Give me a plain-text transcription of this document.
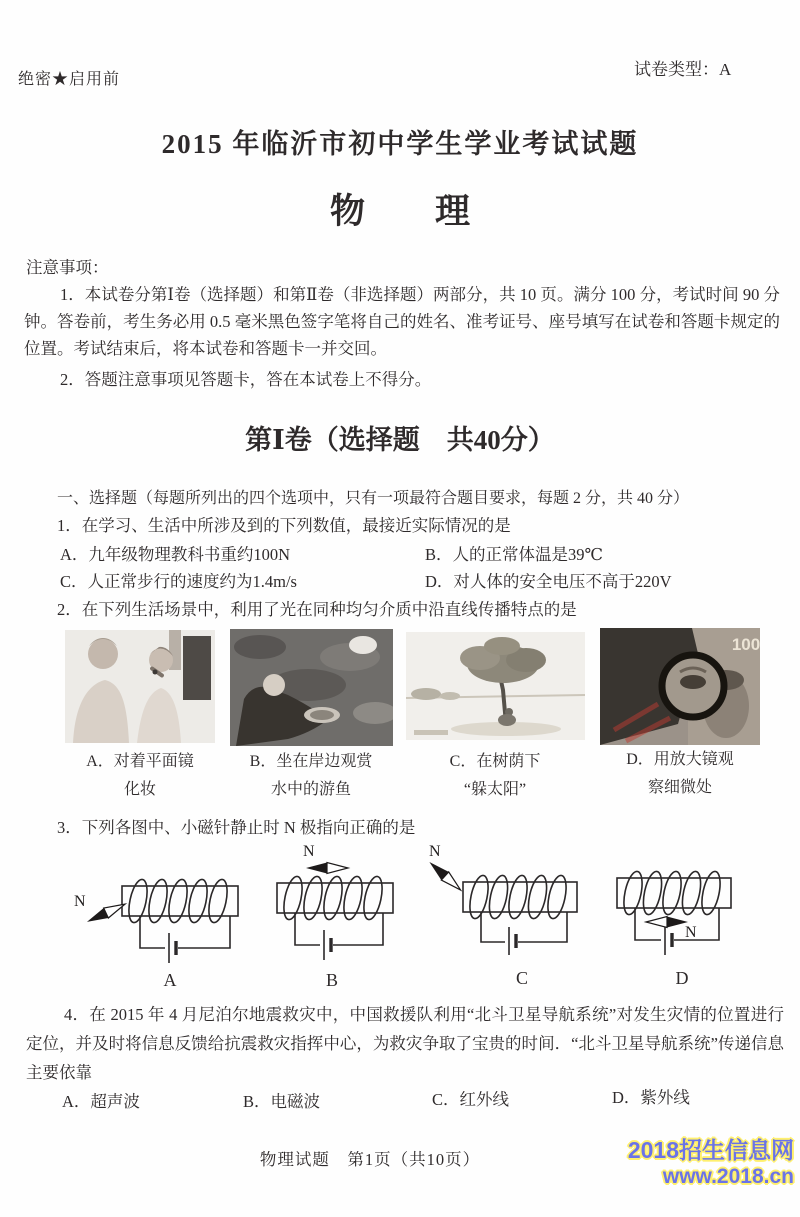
绝密★启用前
试卷类型：A
2015 年临沂市初中学生学业考试试题
物　　理
注意事项：
1．本试卷分第Ⅰ卷（选择题）和第Ⅱ卷（非选择题）两部分，共 10 页。满分 100 分，考试时间 90 分钟。答卷前，考生务必用 0.5 毫米黑色签字笔将自己的姓名、准考证号、座号填写在试卷和答题卡规定的位置。考试结束后，将本试卷和答题卡一并交回。
2．答题注意事项见答题卡，答在本试卷上不得分。
第Ⅰ卷（选择题　共40分）
一、选择题（每题所列出的四个选项中，只有一项最符合题目要求，每题 2 分，共 40 分）
1．在学习、生活中所涉及到的下列数值，最接近实际情况的是
A．九年级物理教科书重约100N	B．人的正常体温是39℃
C．人正常步行的速度约为1.4m/s	D．对人体的安全电压不高于220V
2．在下列生活场景中，利用了光在同种均匀介质中沿直线传播特点的是
100
A．对着平面镜
化妆
B．坐在岸边观赏
水中的游鱼
C．在树荫下
“躲太阳”
D．用放大镜观
察细微处
3．下列各图中、小磁针静止时 N 极指向正确的是
N
N	N
N
A	B	C	D
4．在 2015 年 4 月尼泊尔地震救灾中，中国救援队利用“北斗卫星导航系统”对发生灾情的位置进行定位，并及时将信息反馈给抗震救灾指挥中心，为救灾争取了宝贵的时间．“北斗卫星导航系统”传递信息主要依靠
A．超声波	B．电磁波	C．红外线	D．紫外线
物理试题　第1页（共10页）	2018招生信息网
www.2018.cn
